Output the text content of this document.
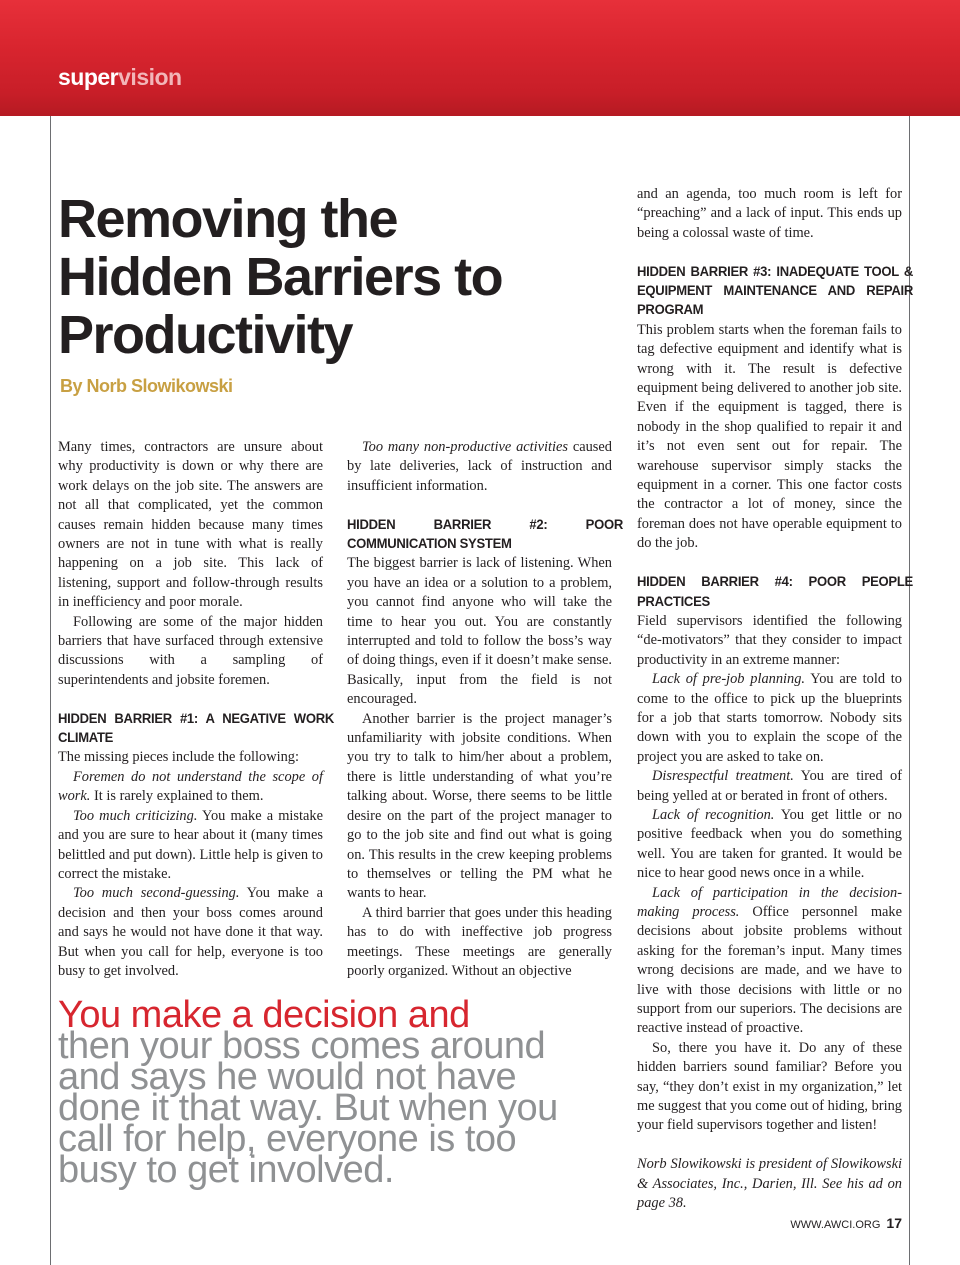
supervision
Removing the Hidden Barriers to Productivity
By Norb Slowikowski

Many times, contractors are unsure about why productivity is down or why there are work delays on the job site. The answers are not all that complicated, yet the common causes remain hidden because many times owners are not in tune with what is really happening on a job site. This lack of listening, support and follow-through results in inefficiency and poor morale.

Following are some of the major hidden barriers that have surfaced through extensive discussions with a sampling of superintendents and jobsite foremen.

HIDDEN BARRIER #1: A NEGATIVE WORK CLIMATE

The missing pieces include the following:

Foremen do not understand the scope of work. It is rarely explained to them.

Too much criticizing. You make a mistake and you are sure to hear about it (many times belittled and put down). Little help is given to correct the mistake.

Too much second-guessing. You make a decision and then your boss comes around and says he would not have done it that way. But when you call for help, everyone is too busy to get involved.

Too many non-productive activities caused by late deliveries, lack of instruction and insufficient information.

HIDDEN BARRIER #2: POOR COMMUNICATION SYSTEM

The biggest barrier is lack of listening. When you have an idea or a solution to a problem, you cannot find anyone who will take the time to hear you out. You are constantly interrupted and told to follow the boss’s way of doing things, even if it doesn’t make sense. Basically, input from the field is not encouraged.

Another barrier is the project manager’s unfamiliarity with jobsite conditions. When you try to talk to him/her about a problem, there is little understanding of what you’re talking about. Worse, there seems to be little desire on the part of the project manager to go to the job site and find out what is going on. This results in the crew keeping problems to themselves or telling the PM what he wants to hear.

A third barrier that goes under this heading has to do with ineffective job progress meetings. These meetings are generally poorly organized. Without an objective

and an agenda, too much room is left for “preaching” and a lack of input. This ends up being a colossal waste of time.

HIDDEN BARRIER #3: INADEQUATE TOOL & EQUIPMENT MAINTENANCE AND REPAIR PROGRAM

This problem starts when the foreman fails to tag defective equipment and identify what is wrong with it. The result is defective equipment being delivered to another job site. Even if the equipment is tagged, there is nobody in the shop qualified to repair it and it’s not even sent out for repair. The warehouse supervisor simply stacks the equipment in a corner. This one factor costs the contractor a lot of money, since the foreman does not have operable equipment to do the job.

HIDDEN BARRIER #4: POOR PEOPLE PRACTICES

Field supervisors identified the following “de-motivators” that they consider to impact productivity in an extreme manner:

Lack of pre-job planning. You are told to come to the office to pick up the blueprints for a job that starts tomorrow. Nobody sits down with you to explain the scope of the project you are asked to take on.

Disrespectful treatment. You are tired of being yelled at or berated in front of others.

Lack of recognition. You get little or no positive feedback when you do something well. You are taken for granted. It would be nice to hear good news once in a while.

Lack of participation in the decision-making process. Office personnel make decisions about jobsite problems without asking for the foreman’s input. Many times wrong decisions are made, and we have to live with those decisions with little or no support from our superiors. The decisions are reactive instead of proactive.

So, there you have it. Do any of these hidden barriers sound familiar? Before you say, “they don’t exist in my organization,” let me suggest that you come out of hiding, bring your field supervisors together and listen!

Norb Slowikowski is president of Slowikowski & Associates, Inc., Darien, Ill. See his ad on page 38.

You make a decision and
then your boss comes around and says he would not have done it that way. But when you call for help, everyone is too busy to get involved.

WWW.AWCI.ORG 17
